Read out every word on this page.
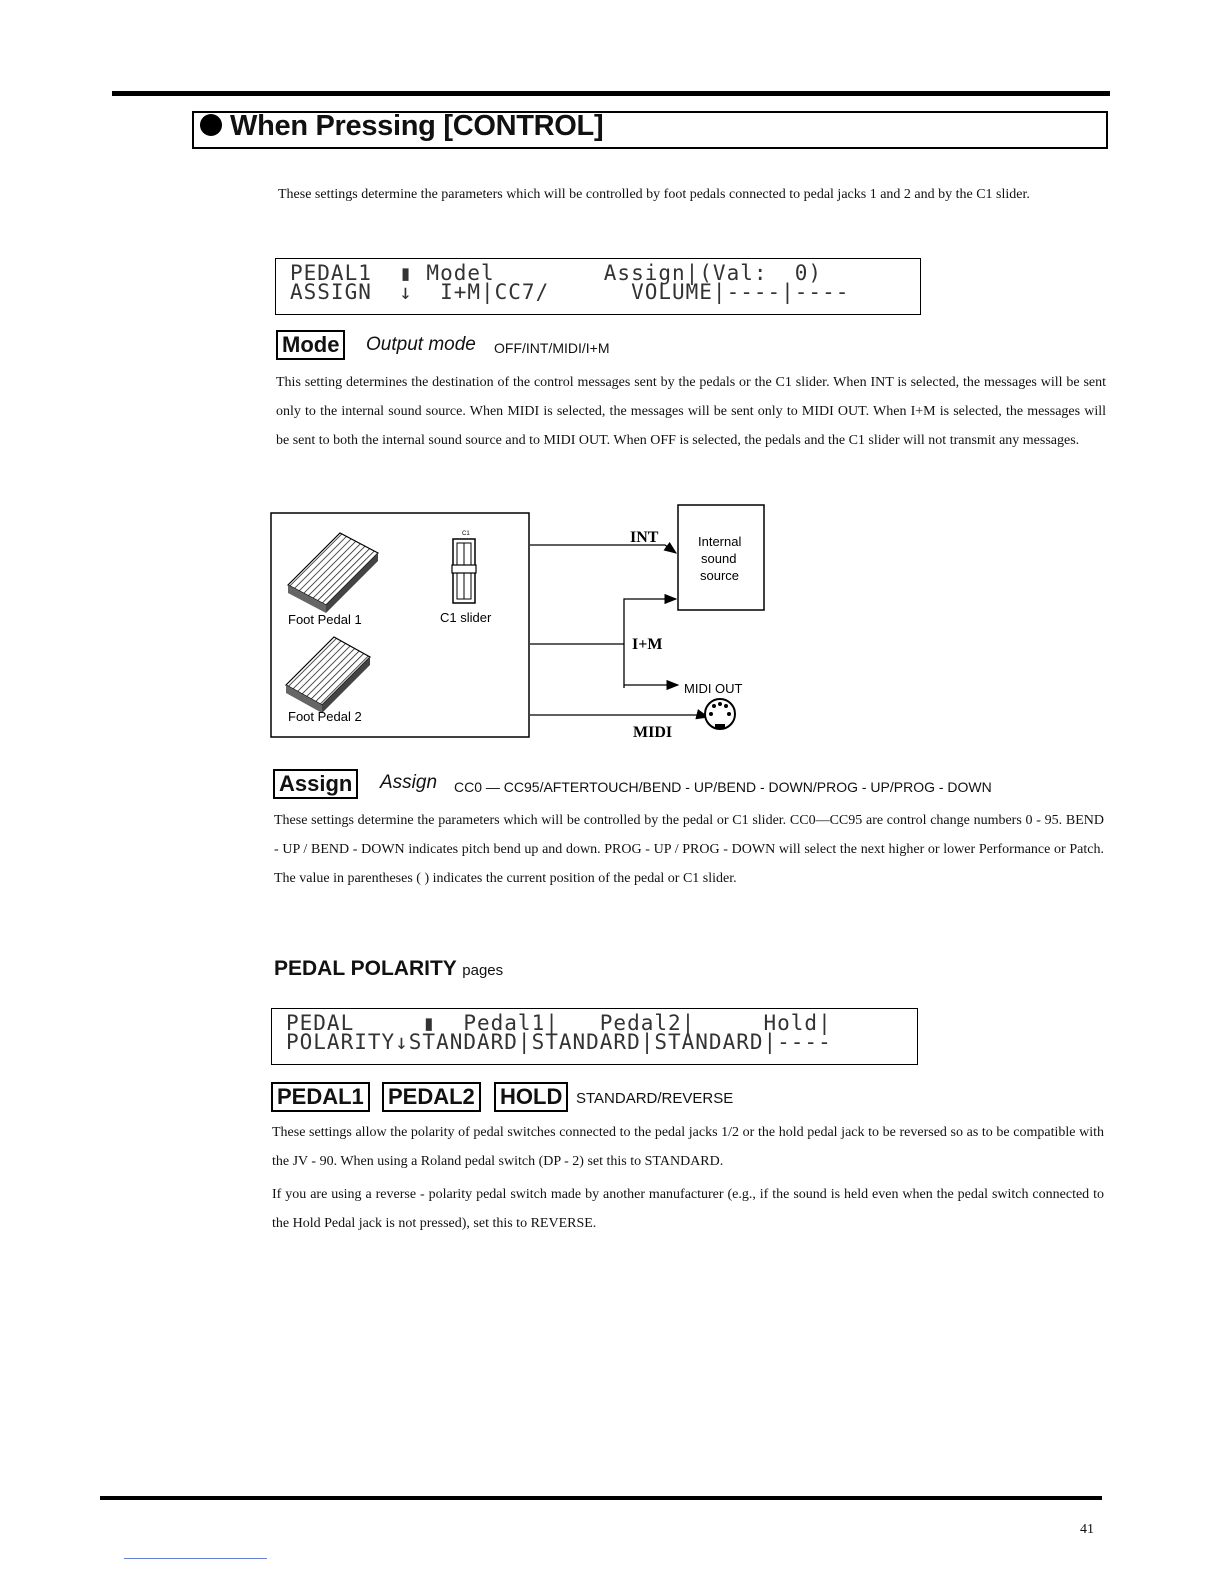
When Pressing [CONTROL]
These settings determine the parameters which will be controlled by foot pedals connected to pedal jacks 1 and 2 and by the C1 slider.
PEDAL1  ▮ Model        Assign|(Val:  0)
ASSIGN  ↓  I+M|CC7/      VOLUME|----|----
Mode	Output mode OFF/INT/MIDI/I+M
This setting determines the destination of the control messages sent by the pedals or the C1 slider. When INT is selected, the messages will be sent only to the internal sound source. When MIDI is selected, the messages will be sent only to MIDI OUT. When I+M is selected, the messages will be sent to both the internal sound source and to MIDI OUT. When OFF is selected, the pedals and the C1 slider will not transmit any messages.
Foot Pedal 1
Foot Pedal 2
C1
C1 slider
Internal
sound
source
INT
I+M
MIDI OUT
MIDI
Assign	Assign CC0 — CC95/AFTERTOUCH/BEND - UP/BEND - DOWN/PROG - UP/PROG - DOWN
These settings determine the parameters which will be controlled by the pedal or C1 slider. CC0—CC95 are control change numbers 0 - 95. BEND - UP / BEND - DOWN indicates pitch bend up and down. PROG - UP / PROG - DOWN will select the next higher or lower Performance or Patch. The value in parentheses ( ) indicates the current position of the pedal or C1 slider.
PEDAL POLARITY pages
PEDAL     ▮  Pedal1|   Pedal2|     Hold|
POLARITY↓STANDARD|STANDARD|STANDARD|----
PEDAL1 PEDAL2 HOLD STANDARD/REVERSE
These settings allow the polarity of pedal switches connected to the pedal jacks 1/2 or the hold pedal jack to be reversed so as to be compatible with the JV - 90. When using a Roland pedal switch (DP - 2) set this to STANDARD.
If you are using a reverse - polarity pedal switch made by another manufacturer (e.g., if the sound is held even when the pedal switch connected to the Hold Pedal jack is not pressed), set this to REVERSE.
41
